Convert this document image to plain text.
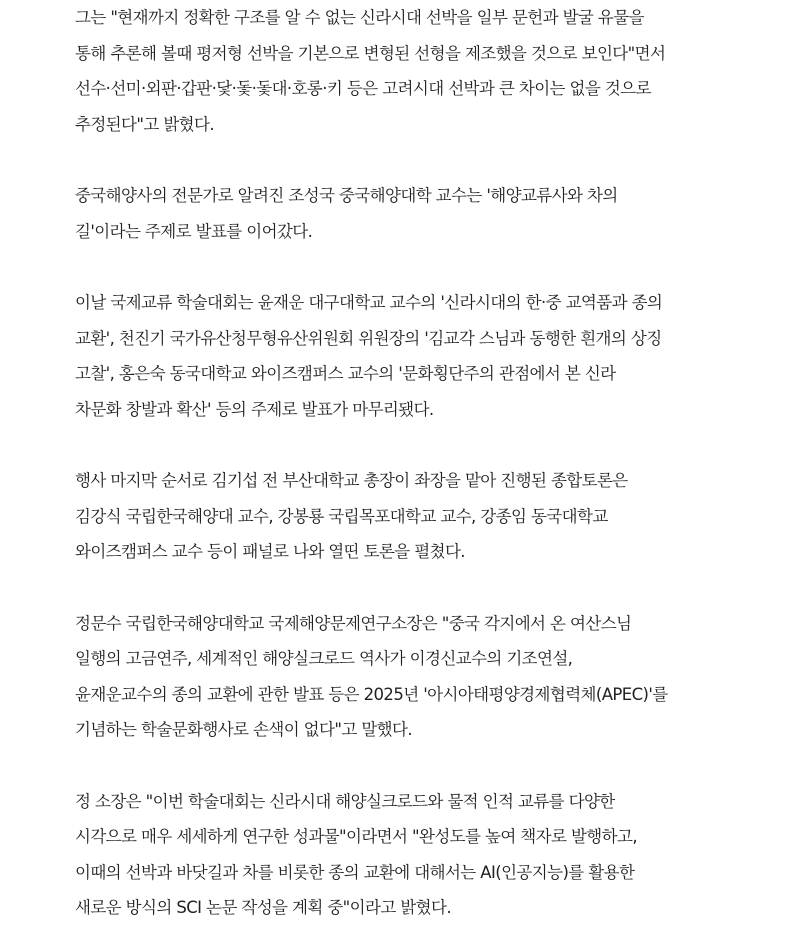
그는 "현재까지 정확한 구조를 알 수 없는 신라시대 선박을 일부 문헌과 발굴 유물을
통해 추론해 볼때 평저형 선박을 기본으로 변형된 선형을 제조했을 것으로 보인다"면서
선수·선미·외판·갑판·닻·돛·돛대·호롱·키 등은 고려시대 선박과 큰 차이는 없을 것으로
추정된다"고 밝혔다.

중국해양사의 전문가로 알려진 조성국 중국해양대학 교수는 '해양교류사와 차의
길'이라는 주제로 발표를 이어갔다.

이날 국제교류 학술대회는 윤재운 대구대학교 교수의 '신라시대의 한·중 교역품과 종의
교환', 천진기 국가유산청무형유산위원회 위원장의 '김교각 스님과 동행한 흰개의 상징
고찰', 홍은숙 동국대학교 와이즈캠퍼스 교수의 '문화횡단주의 관점에서 본 신라
차문화 창발과 확산' 등의 주제로 발표가 마무리됐다.

행사 마지막 순서로 김기섭 전 부산대학교 총장이 좌장을 맡아 진행된 종합토론은
김강식 국립한국해양대 교수, 강봉룡 국립목포대학교 교수, 강종임 동국대학교
와이즈캠퍼스 교수 등이 패널로 나와 열띤 토론을 펼쳤다.

정문수 국립한국해양대학교 국제해양문제연구소장은 "중국 각지에서 온 여산스님
일행의 고금연주, 세계적인 해양실크로드 역사가 이경신교수의 기조연설,
윤재운교수의 종의 교환에 관한 발표 등은 2025년 '아시아태평양경제협력체(APEC)'를
기념하는 학술문화행사로 손색이 없다"고 말했다.

정 소장은 "이번 학술대회는 신라시대 해양실크로드와 물적 인적 교류를 다양한
시각으로 매우 세세하게 연구한 성과물"이라면서 "완성도를 높여 책자로 발행하고,
이때의 선박과 바닷길과 차를 비롯한 종의 교환에 대해서는 AI(인공지능)를 활용한
새로운 방식의 SCI 논문 작성을 계획 중"이라고 밝혔다.
